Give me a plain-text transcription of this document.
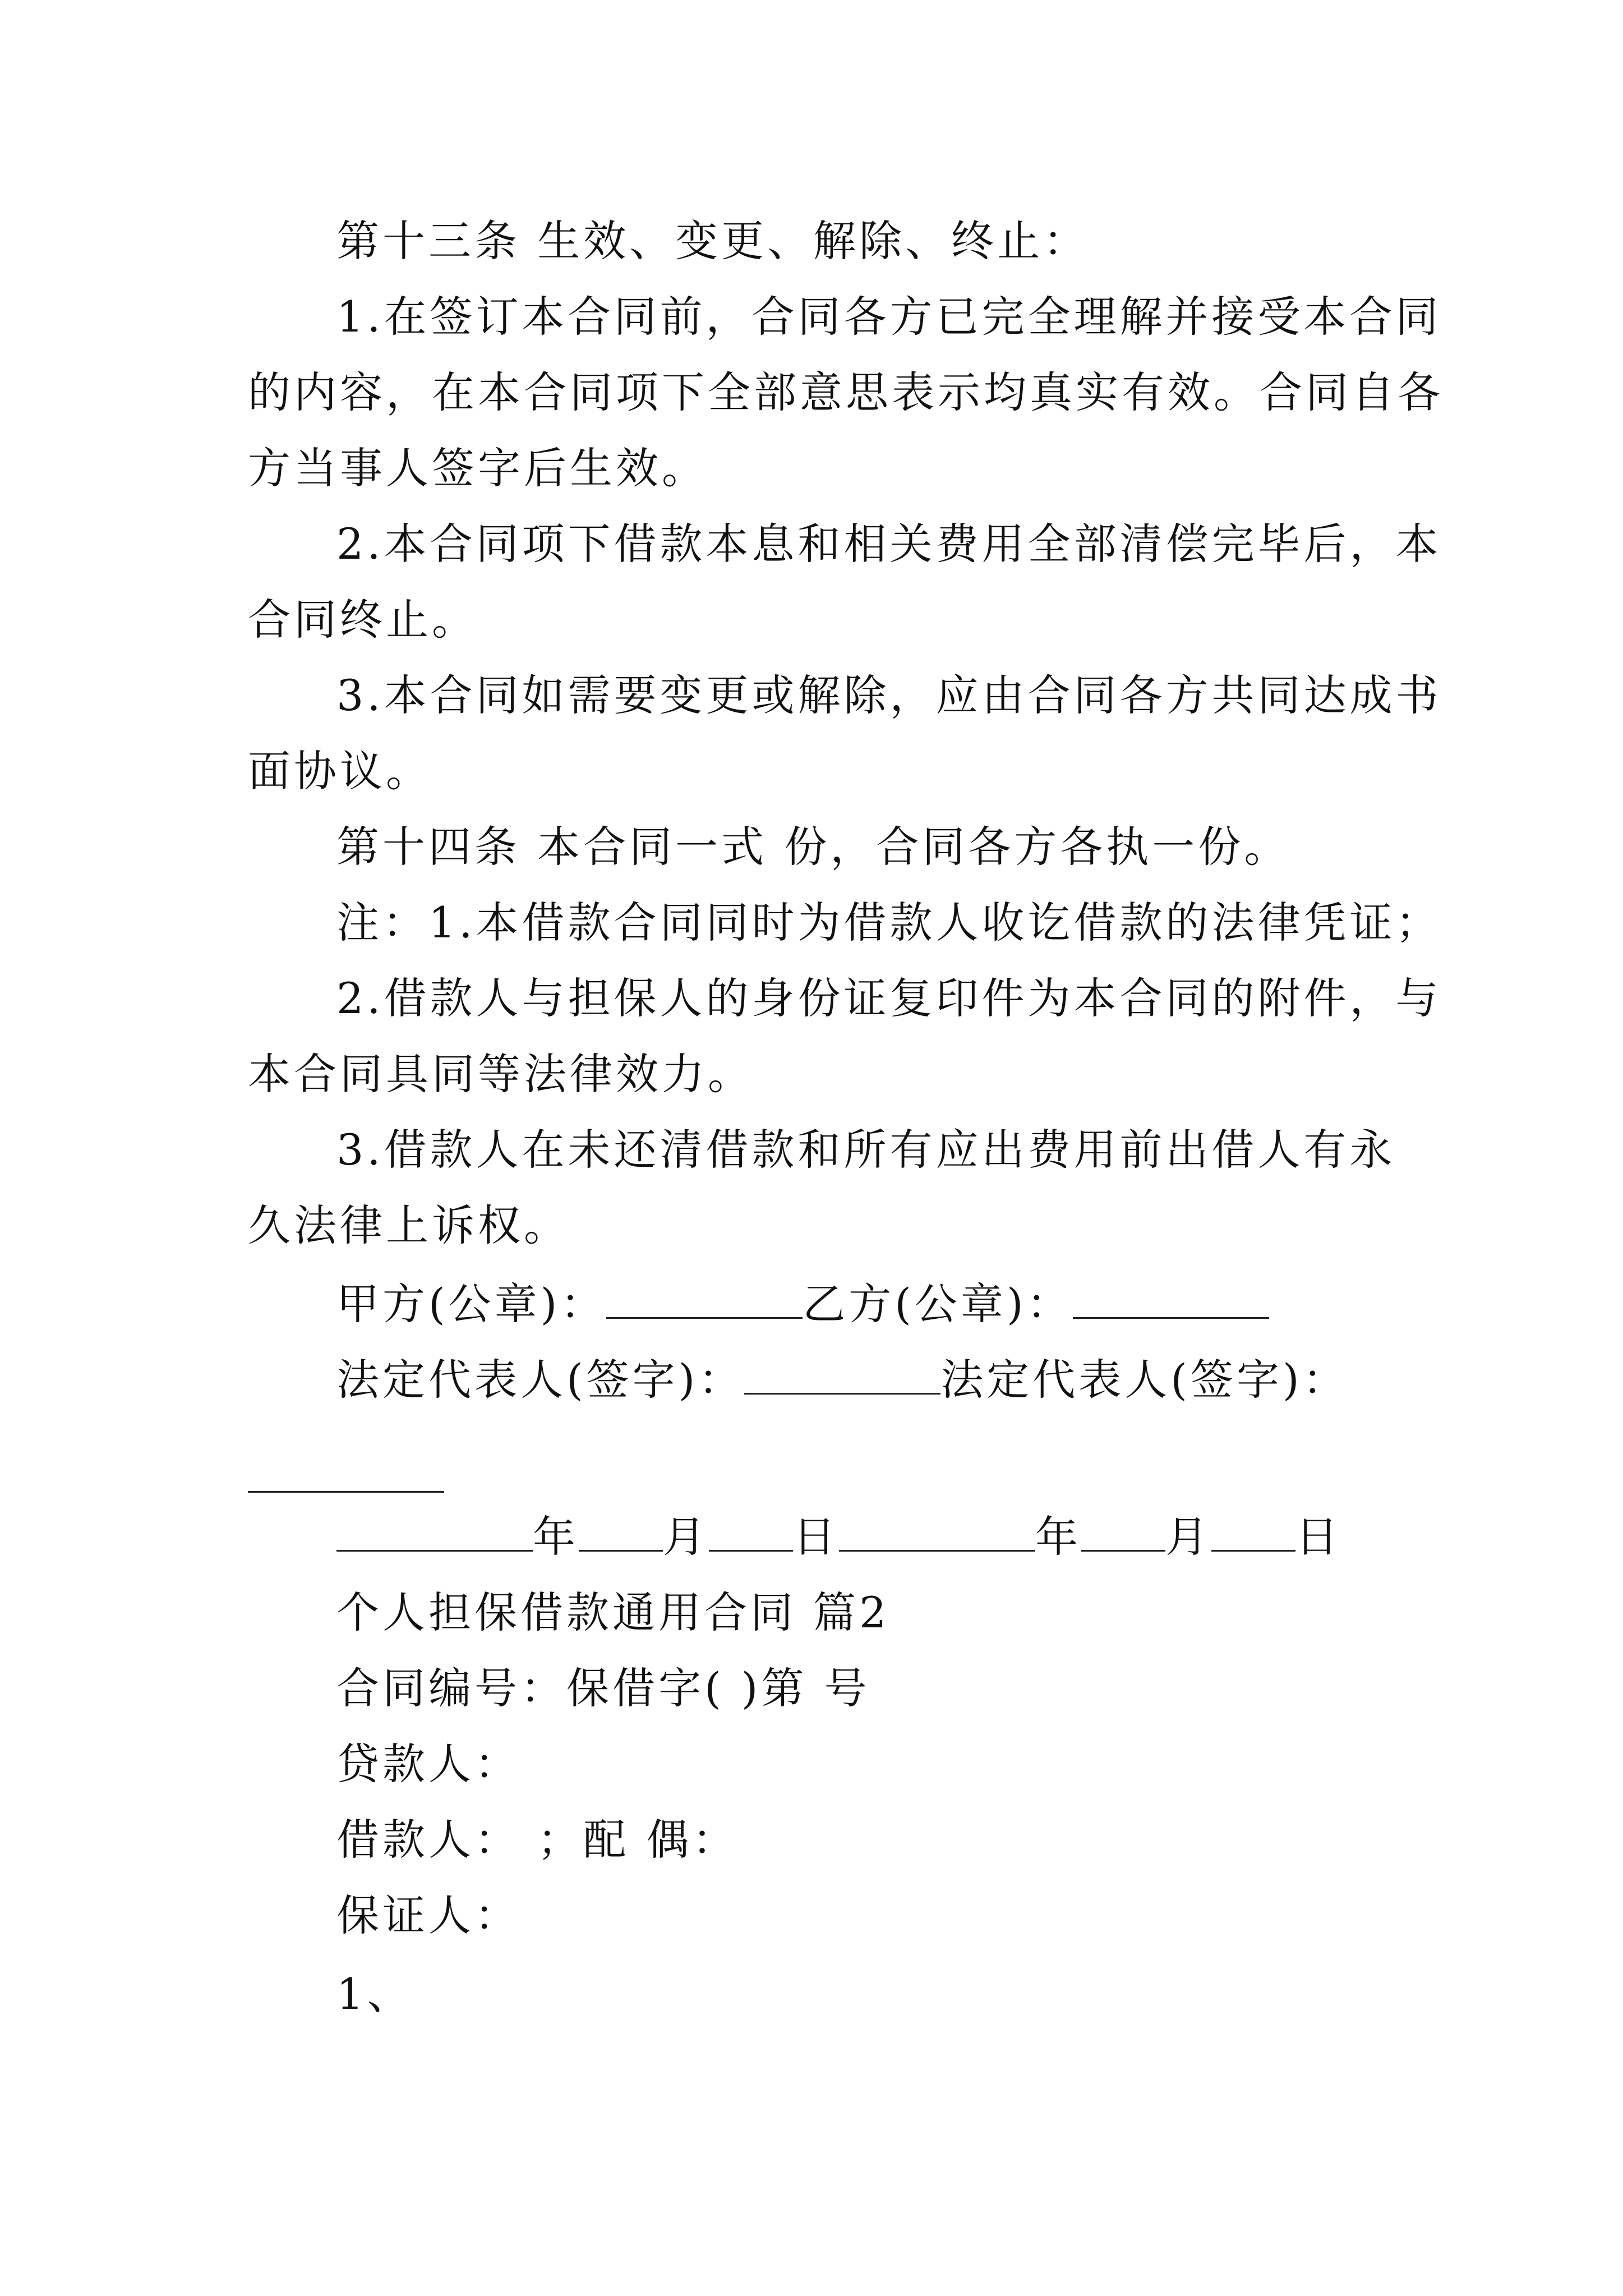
第十三条 生效、变更、解除、终止：
1.在签订本合同前，合同各方已完全理解并接受本合同
的内容，在本合同项下全部意思表示均真实有效。合同自各
方当事人签字后生效。
2.本合同项下借款本息和相关费用全部清偿完毕后，本
合同终止。
3.本合同如需要变更或解除，应由合同各方共同达成书
面协议。
第十四条 本合同一式 份，合同各方各执一份。
注：1.本借款合同同时为借款人收讫借款的法律凭证；
2.借款人与担保人的身份证复印件为本合同的附件，与
本合同具同等法律效力。
3.借款人在未还清借款和所有应出费用前出借人有永
久法律上诉权。
甲方(公章)：	乙方(公章)：
法定代表人(签字)：	法定代表人(签字)：
年 月 日	年 月 日
个人担保借款通用合同 篇2
合同编号：保借字( )第 号
贷款人：
借款人： ；配 偶：
保证人：
1、
